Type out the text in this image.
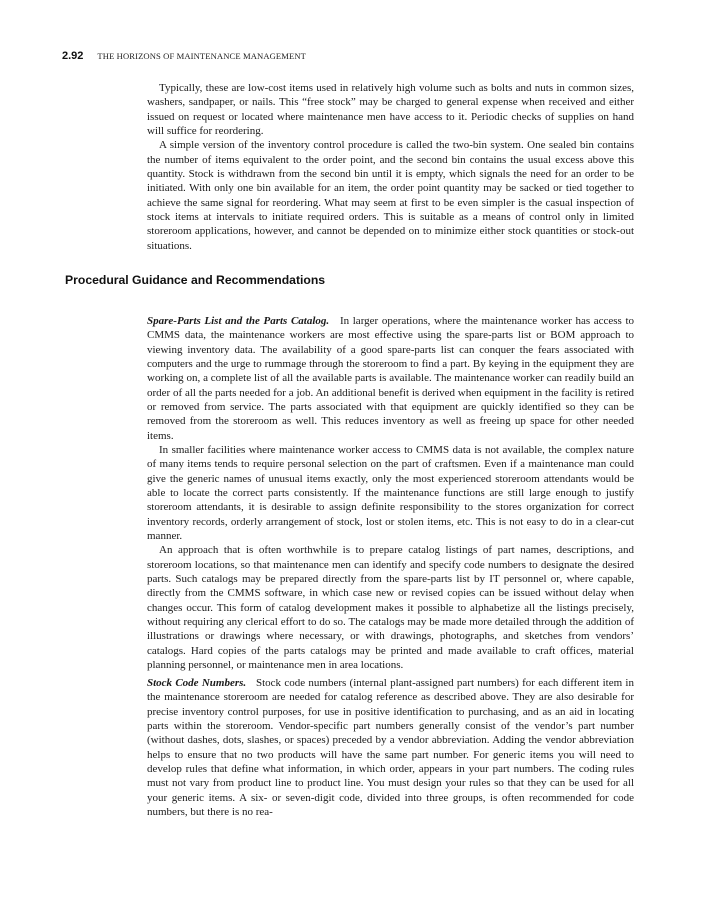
2.92 THE HORIZONS OF MAINTENANCE MANAGEMENT

Typically, these are low-cost items used in relatively high volume such as bolts and nuts in common sizes, washers, sandpaper, or nails. This “free stock” may be charged to general expense when received and either issued on request or located where maintenance men have access to it. Periodic checks of supplies on hand will suffice for reordering.

A simple version of the inventory control procedure is called the two-bin system. One sealed bin contains the number of items equivalent to the order point, and the second bin contains the usual excess above this quantity. Stock is withdrawn from the second bin until it is empty, which signals the need for an order to be initiated. With only one bin available for an item, the order point quantity may be sacked or tied together to achieve the same signal for reordering. What may seem at first to be even simpler is the casual inspection of stock items at intervals to initiate required orders. This is suitable as a means of control only in limited storeroom applications, however, and cannot be depended on to minimize either stock quantities or stock-out situations.

Procedural Guidance and Recommendations

Spare-Parts List and the Parts Catalog. In larger operations, where the maintenance worker has access to CMMS data, the maintenance workers are most effective using the spare-parts list or BOM approach to viewing inventory data. The availability of a good spare-parts list can conquer the fears associated with computers and the urge to rummage through the storeroom to find a part. By keying in the equipment they are working on, a complete list of all the available parts is available. The maintenance worker can readily build an order of all the parts needed for a job. An additional benefit is derived when equipment in the facility is retired or removed from service. The parts associated with that equipment are quickly identified so they can be removed from the storeroom as well. This reduces inventory as well as freeing up space for other needed items.

In smaller facilities where maintenance worker access to CMMS data is not available, the complex nature of many items tends to require personal selection on the part of craftsmen. Even if a maintenance man could give the generic names of unusual items exactly, only the most experienced storeroom attendants would be able to locate the correct parts consistently. If the maintenance functions are still large enough to justify storeroom attendants, it is desirable to assign definite responsibility to the stores organization for correct inventory records, orderly arrangement of stock, lost or stolen items, etc. This is not easy to do in a clear-cut manner.

An approach that is often worthwhile is to prepare catalog listings of part names, descriptions, and storeroom locations, so that maintenance men can identify and specify code numbers to designate the desired parts. Such catalogs may be prepared directly from the spare-parts list by IT personnel or, where capable, directly from the CMMS software, in which case new or revised copies can be issued without delay when changes occur. This form of catalog development makes it possible to alphabetize all the listings precisely, without requiring any clerical effort to do so. The catalogs may be made more detailed through the addition of illustrations or drawings where necessary, or with drawings, photographs, and sketches from vendors’ catalogs. Hard copies of the parts catalogs may be printed and made available to craft offices, material planning personnel, or maintenance men in area locations.

Stock Code Numbers. Stock code numbers (internal plant-assigned part numbers) for each different item in the maintenance storeroom are needed for catalog reference as described above. They are also desirable for precise inventory control purposes, for use in positive identification to purchasing, and as an aid in locating parts within the storeroom. Vendor-specific part numbers generally consist of the vendor’s part number (without dashes, dots, slashes, or spaces) preceded by a vendor abbreviation. Adding the vendor abbreviation helps to ensure that no two products will have the same part number. For generic items you will need to develop rules that define what information, in which order, appears in your part numbers. The coding rules must not vary from product line to product line. You must design your rules so that they can be used for all your generic items. A six- or seven-digit code, divided into three groups, is often recommended for code numbers, but there is no rea-
